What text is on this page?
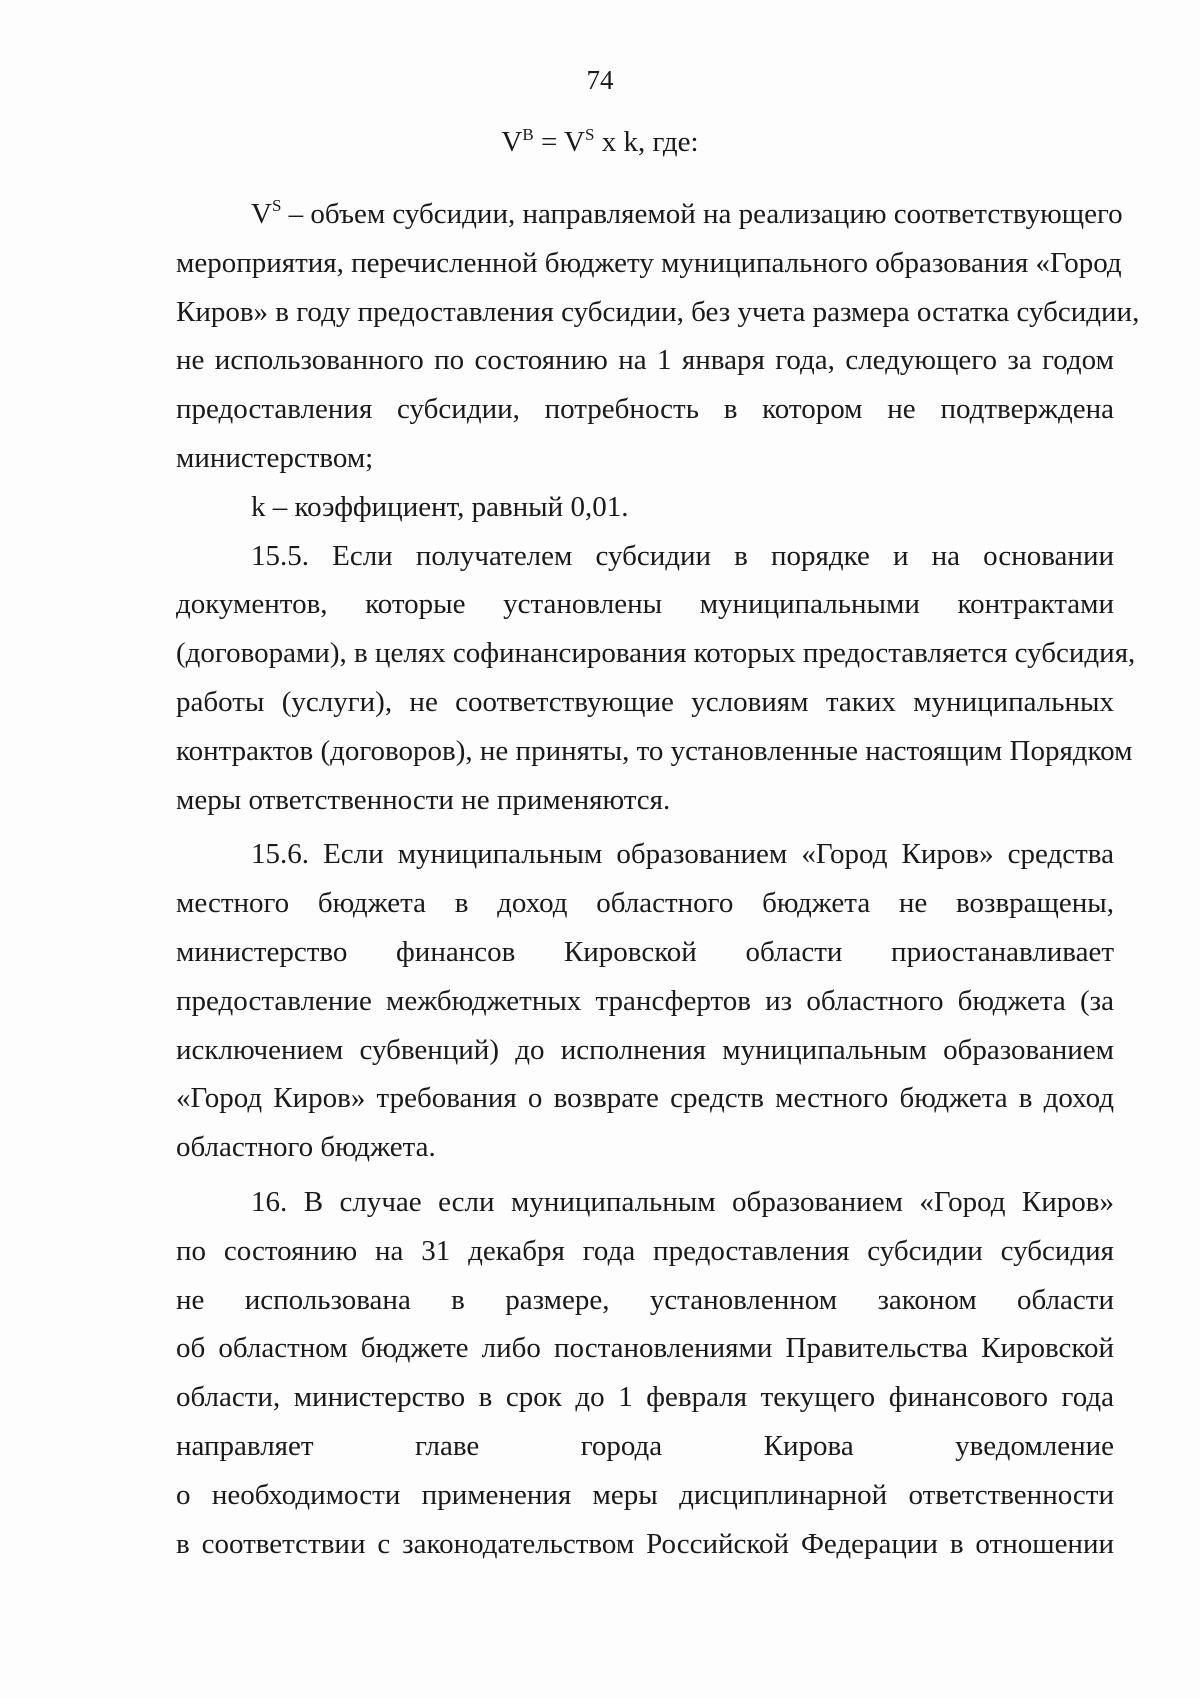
74
$V^B = V^S$ x k, где:
$V^S$ – объем субсидии, направляемой на реализацию соответствующего
мероприятия, перечисленной бюджету муниципального образования «Город
Киров» в году предоставления субсидии, без учета размера остатка субсидии,
не использованного по состоянию на 1 января года, следующего за годом
предоставления субсидии, потребность в котором не подтверждена
министерством;
k – коэффициент, равный 0,01.
15.5. Если получателем субсидии в порядке и на основании
документов, которые установлены муниципальными контрактами
(договорами), в целях софинансирования которых предоставляется субсидия,
работы (услуги), не соответствующие условиям таких муниципальных
контрактов (договоров), не приняты, то установленные настоящим Порядком
меры ответственности не применяются.
15.6. Если муниципальным образованием «Город Киров» средства
местного бюджета в доход областного бюджета не возвращены,
министерство финансов Кировской области приостанавливает
предоставление межбюджетных трансфертов из областного бюджета (за
исключением субвенций) до исполнения муниципальным образованием
«Город Киров» требования о возврате средств местного бюджета в доход
областного бюджета.
16. В случае если муниципальным образованием «Город Киров»
по состоянию на 31 декабря года предоставления субсидии субсидия
не использована в размере, установленном законом области
об областном бюджете либо постановлениями Правительства Кировской
области, министерство в срок до 1 февраля текущего финансового года
направляет главе города Кирова уведомление
о необходимости применения меры дисциплинарной ответственности
в соответствии с законодательством Российской Федерации в отношении
